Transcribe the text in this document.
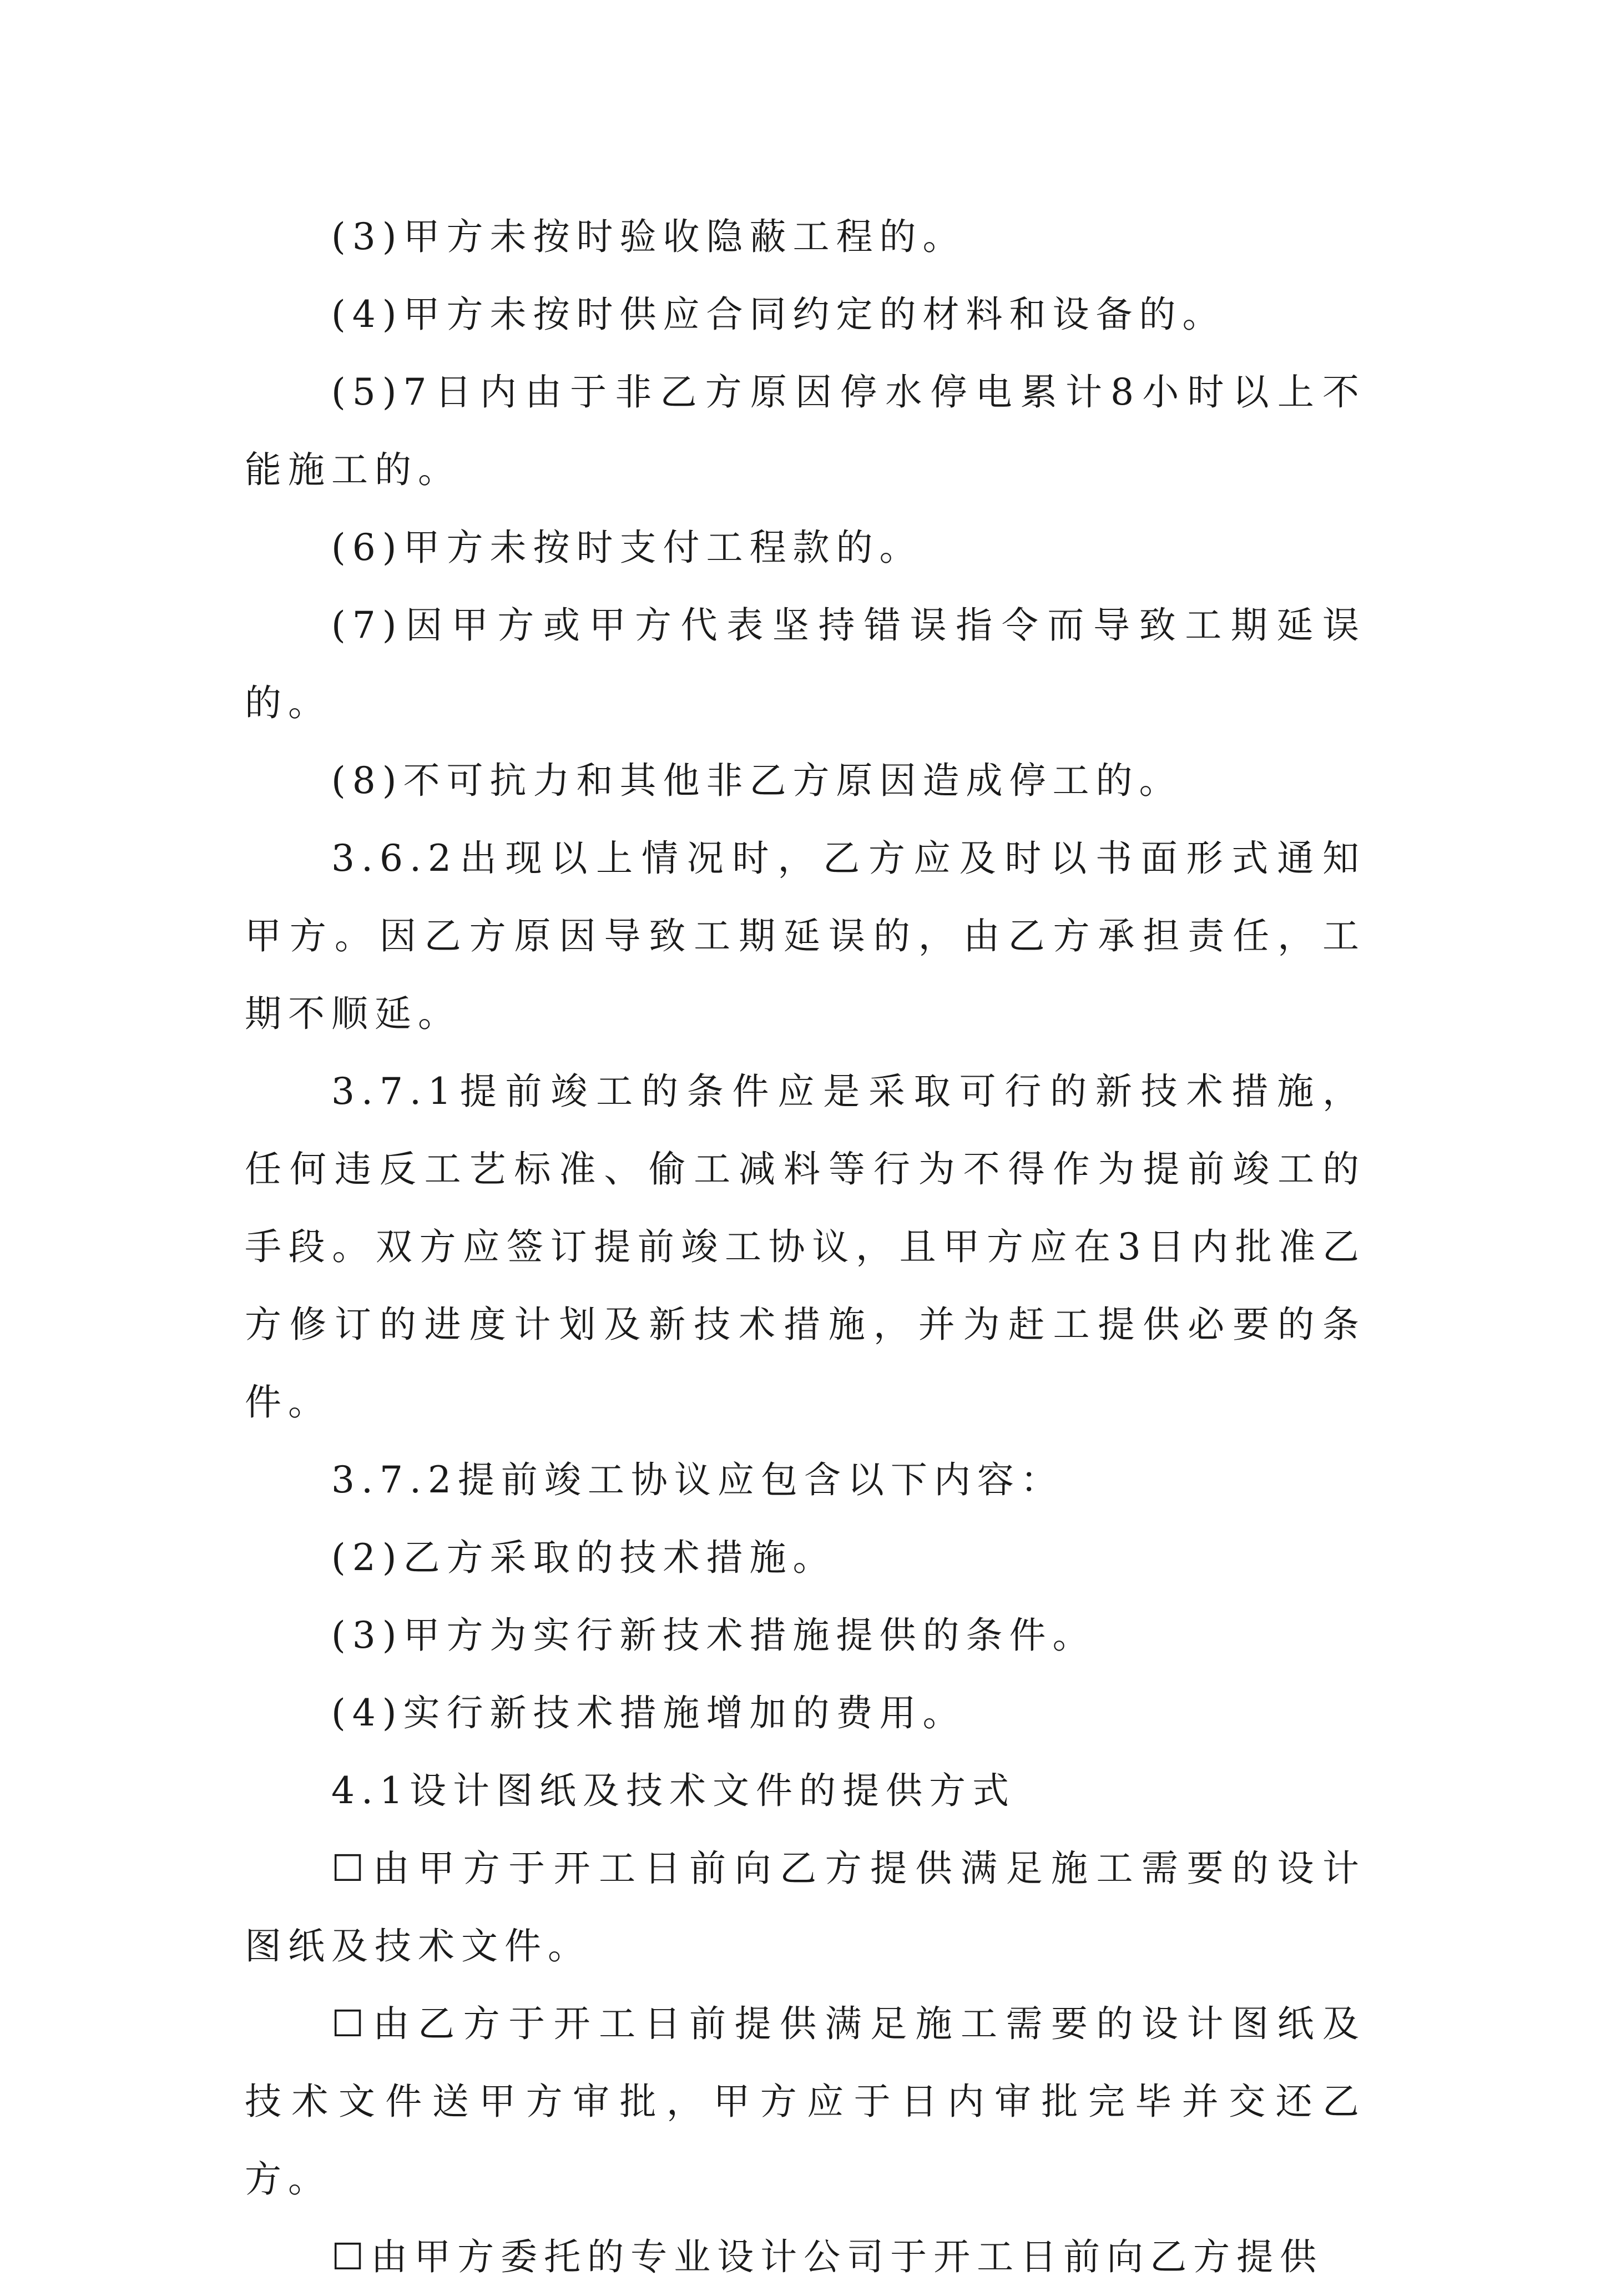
(3)甲方未按时验收隐蔽工程的。

(4)甲方未按时供应合同约定的材料和设备的。

(5)7日内由于非乙方原因停水停电累计8小时以上不能施工的。

(6)甲方未按时支付工程款的。

(7)因甲方或甲方代表坚持错误指令而导致工期延误的。

(8)不可抗力和其他非乙方原因造成停工的。

3.6.2出现以上情况时，乙方应及时以书面形式通知甲方。因乙方原因导致工期延误的，由乙方承担责任，工期不顺延。

3.7.1提前竣工的条件应是采取可行的新技术措施，任何违反工艺标准、偷工减料等行为不得作为提前竣工的手段。双方应签订提前竣工协议，且甲方应在3日内批准乙方修订的进度计划及新技术措施，并为赶工提供必要的条件。

3.7.2提前竣工协议应包含以下内容：

(2)乙方采取的技术措施。

(3)甲方为实行新技术措施提供的条件。

(4)实行新技术措施增加的费用。

4.1设计图纸及技术文件的提供方式

☐由甲方于开工日前向乙方提供满足施工需要的设计图纸及技术文件。

☐由乙方于开工日前提供满足施工需要的设计图纸及技术文件送甲方审批，甲方应于日内审批完毕并交还乙方。

☐由甲方委托的专业设计公司于开工日前向乙方提供
